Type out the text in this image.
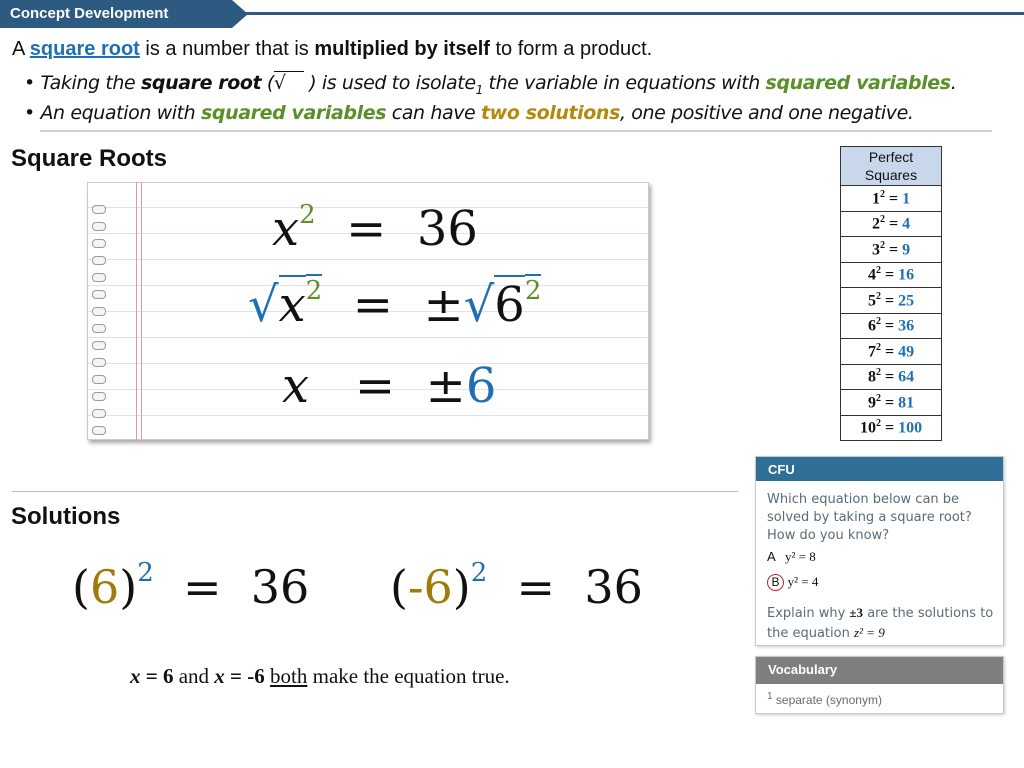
Concept Development
A square root is a number that is multiplied by itself to form a product.
• Taking the square root (√ ) is used to isolate$_1$ the variable in equations with squared variables.
• An equation with squared variables can have two solutions, one positive and one negative.
Square Roots
$x^2 = 36$
$√x^2 = \pm√6^2$
x = ±6
Solutions
$(6)^2 = 36$ $(-6)^2 = 36$
x = 6 and x = -6 both make the equation true.
Perfect
Squares
$1^2 = 1$
$2^2 = 4$
$3^2 = 9$
$4^2 = 16$
$5^2 = 25$
$6^2 = 36$
$7^2 = 49$
$8^2 = 64$
$9^2 = 81$
$10^2 = 100$
CFU
Which equation below can be solved by taking a square root? How do you know?
A y² = 8
B y² = 4
Explain why ±3 are the solutions to the equation z² = 9
Vocabulary
$^1$ separate (synonym)
